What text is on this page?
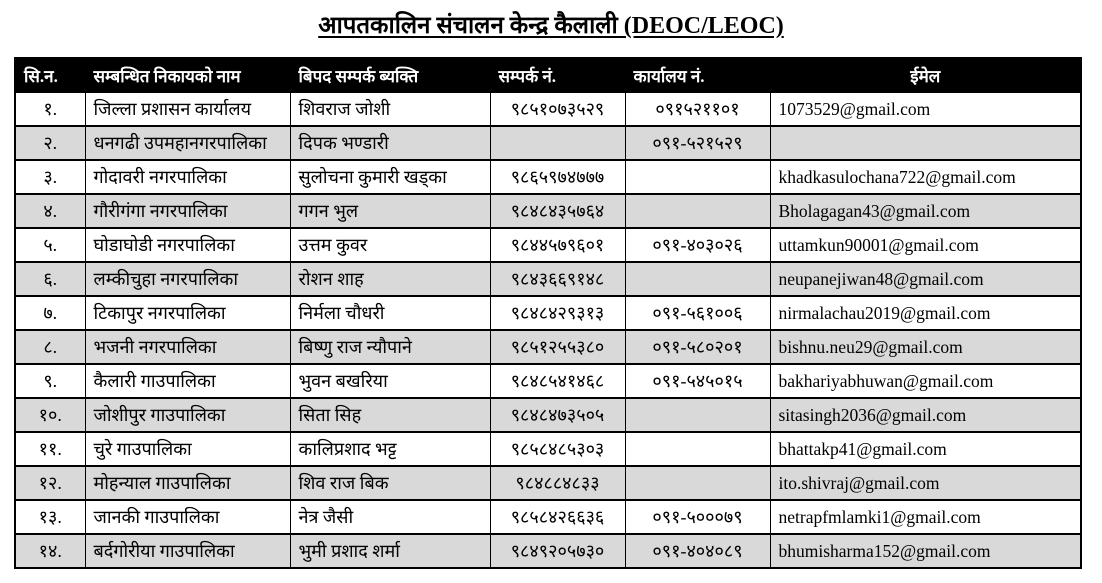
आपतकालिन संचालन केन्द्र कैलाली (DEOC/LEOC)
सि.न.	सम्बन्धित निकायको नाम	बिपद सम्पर्क ब्यक्ति	सम्पर्क नं.	कार्यालय नं.	ईमेल
१.	जिल्ला प्रशासन कार्यालय	शिवराज जोशी	९८५१०७३५२९	०९१५२११०१	1073529@gmail.com
२.	धनगढी उपमहानगरपालिका	दिपक भण्डारी		०९१-५२१५२९	
३.	गोदावरी नगरपालिका	सुलोचना कुमारी खड्का	९८६५९७४७७७		khadkasulochana722@gmail.com
४.	गौरीगंगा नगरपालिका	गगन भुल	९८४८४३५७६४		Bholagagan43@gmail.com
५.	घोडाघोडी नगरपालिका	उत्तम कुवर	९८४४५७९६०१	०९१-४०३०२६	uttamkun90001@gmail.com
६.	लम्कीचुहा नगरपालिका	रोशन शाह	९८४३६६९१४८		neupanejiwan48@gmail.com
७.	टिकापुर नगरपालिका	निर्मला चौधरी	९८४८४२९३१३	०९१-५६१००६	nirmalachau2019@gmail.com
८.	भजनी नगरपालिका	बिष्णु राज न्यौपाने	९८५१२५५३८०	०९१-५८०२०१	bishnu.neu29@gmail.com
९.	कैलारी गाउपालिका	भुवन बखरिया	९८४८५४१४६८	०९१-५४५०१५	bakhariyabhuwan@gmail.com
१०.	जोशीपुर गाउपालिका	सिता सिह	९८४८४७३५०५		sitasingh2036@gmail.com
११.	चुरे गाउपालिका	कालिप्रशाद भट्ट	९८५८४८५३०३		bhattakp41@gmail.com
१२.	मोहन्याल गाउपालिका	शिव राज बिक	९८४८८४८३३		ito.shivraj@gmail.com
१३.	जानकी गाउपालिका	नेत्र जैसी	९८५८४२६६३६	०९१-५०००७९	netrapfmlamki1@gmail.com
१४.	बर्दगोरीया गाउपालिका	भुमी प्रशाद शर्मा	९८४९२०५७३०	०९१-४०४०८९	bhumisharma152@gmail.com
